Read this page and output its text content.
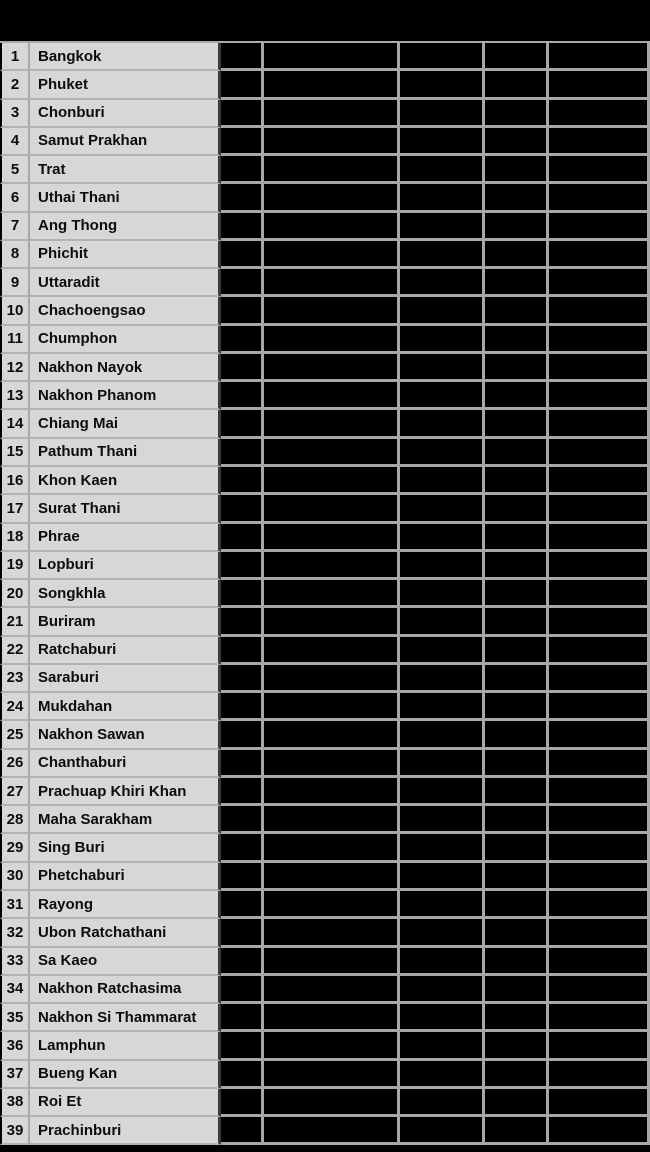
1	Bangkok
2	Phuket
3	Chonburi
4	Samut Prakhan
5	Trat
6	Uthai Thani
7	Ang Thong
8	Phichit
9	Uttaradit
10 Chachoengsao
11	Chumphon
12 Nakhon Nayok
13 Nakhon Phanom
14 Chiang Mai
15 Pathum Thani
16 Khon Kaen
17 Surat Thani
18 Phrae
19 Lopburi
20 Songkhla
21 Buriram
22 Ratchaburi
23 Saraburi
24 Mukdahan
25 Nakhon Sawan
26 Chanthaburi
27 Prachuap Khiri Khan
28 Maha Sarakham
29 Sing Buri
30 Phetchaburi
31 Rayong
32 Ubon Ratchathani
33 Sa Kaeo
34 Nakhon Ratchasima
35 Nakhon Si Thammarat
36 Lamphun
37 Bueng Kan
38 Roi Et
39 Prachinburi
